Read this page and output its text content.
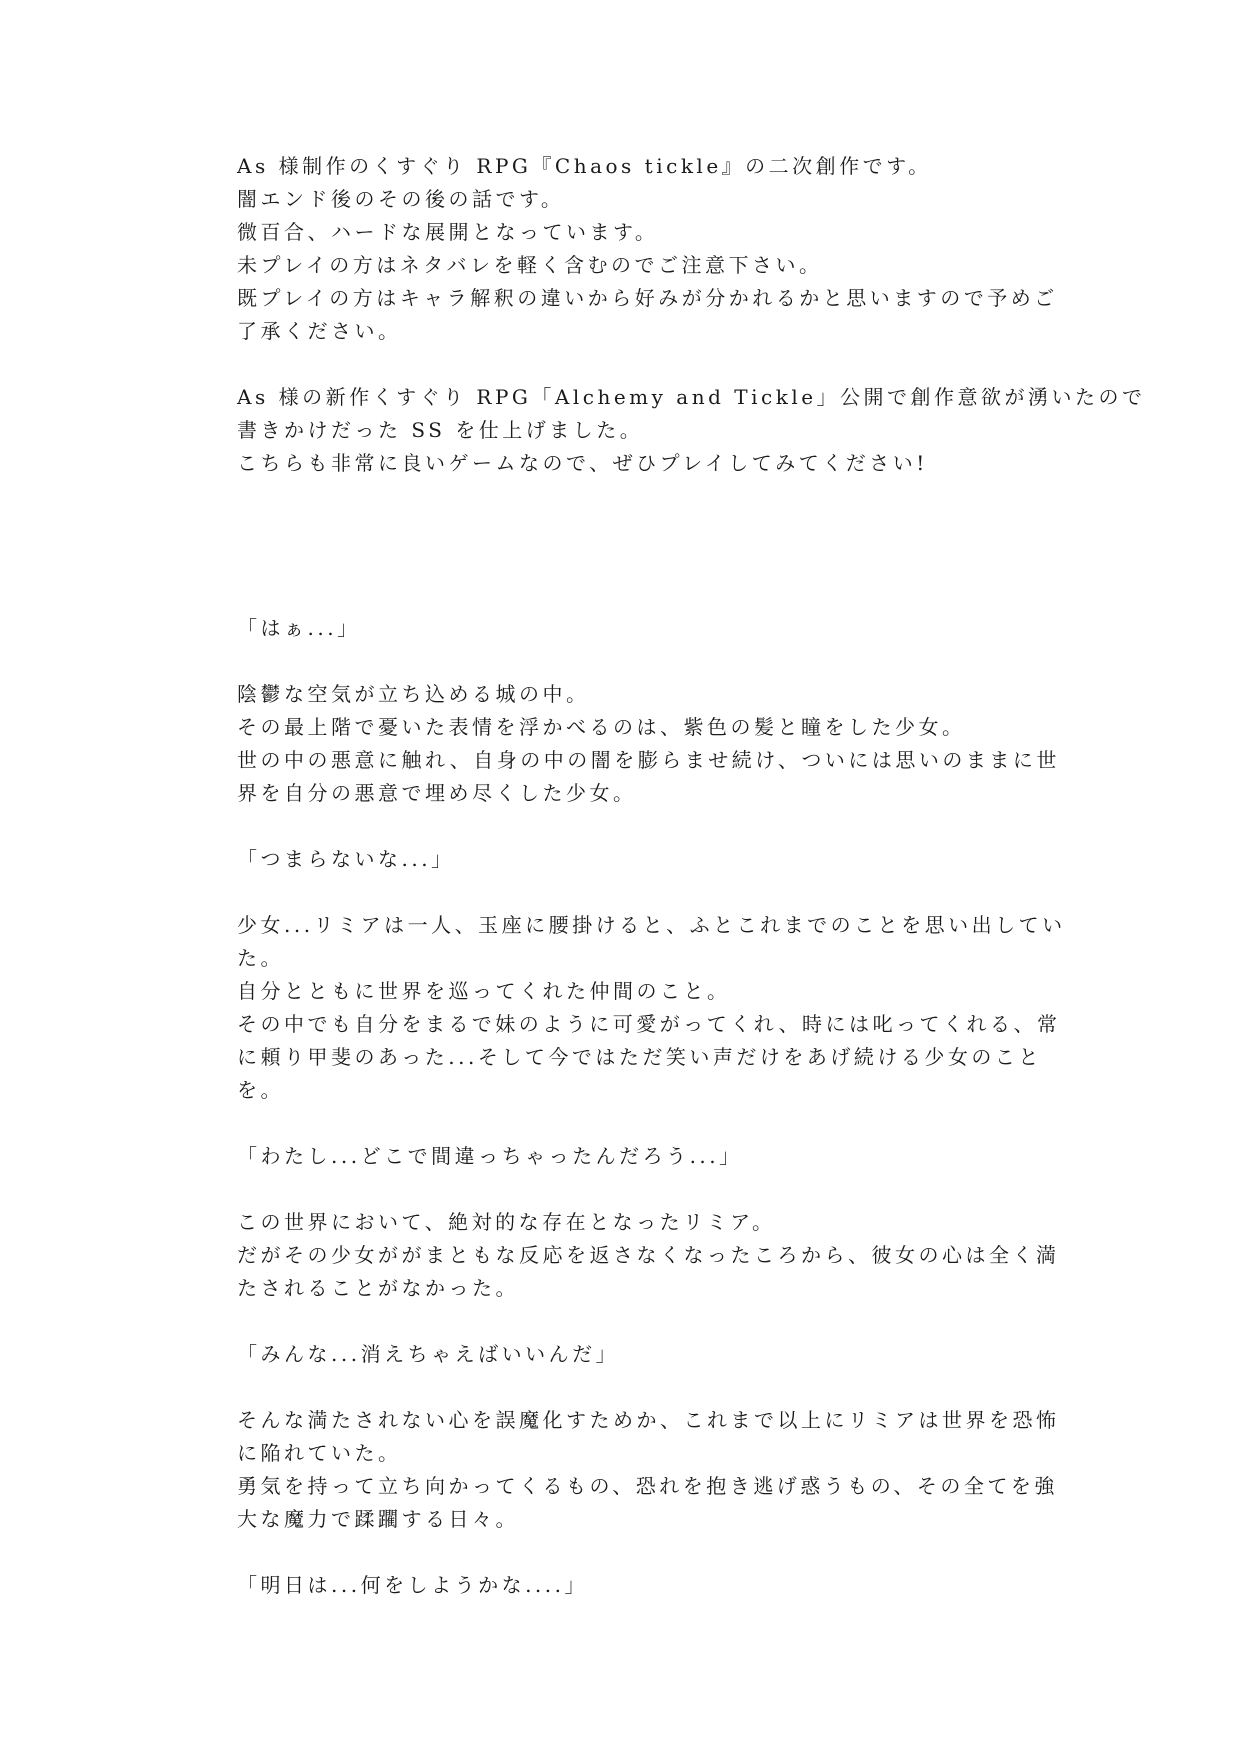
As 様制作のくすぐり RPG『Chaos tickle』の二次創作です。
闇エンド後のその後の話です。
微百合、ハードな展開となっています。
未プレイの方はネタバレを軽く含むのでご注意下さい。
既プレイの方はキャラ解釈の違いから好みが分かれるかと思いますので予めご
了承ください。
As 様の新作くすぐり RPG「Alchemy and Tickle」公開で創作意欲が湧いたので
書きかけだった SS を仕上げました。
こちらも非常に良いゲームなので、ぜひプレイしてみてください!
「はぁ...」
陰鬱な空気が立ち込める城の中。
その最上階で憂いた表情を浮かべるのは、紫色の髪と瞳をした少女。
世の中の悪意に触れ、自身の中の闇を膨らませ続け、ついには思いのままに世
界を自分の悪意で埋め尽くした少女。
「つまらないな...」
少女...リミアは一人、玉座に腰掛けると、ふとこれまでのことを思い出してい
た。
自分とともに世界を巡ってくれた仲間のこと。
その中でも自分をまるで妹のように可愛がってくれ、時には叱ってくれる、常
に頼り甲斐のあった...そして今ではただ笑い声だけをあげ続ける少女のこと
を。
「わたし...どこで間違っちゃったんだろう...」
この世界において、絶対的な存在となったリミア。
だがその少女ががまともな反応を返さなくなったころから、彼女の心は全く満
たされることがなかった。
「みんな...消えちゃえばいいんだ」
そんな満たされない心を誤魔化すためか、これまで以上にリミアは世界を恐怖
に陥れていた。
勇気を持って立ち向かってくるもの、恐れを抱き逃げ惑うもの、その全てを強
大な魔力で蹂躙する日々。
「明日は...何をしようかな....」
